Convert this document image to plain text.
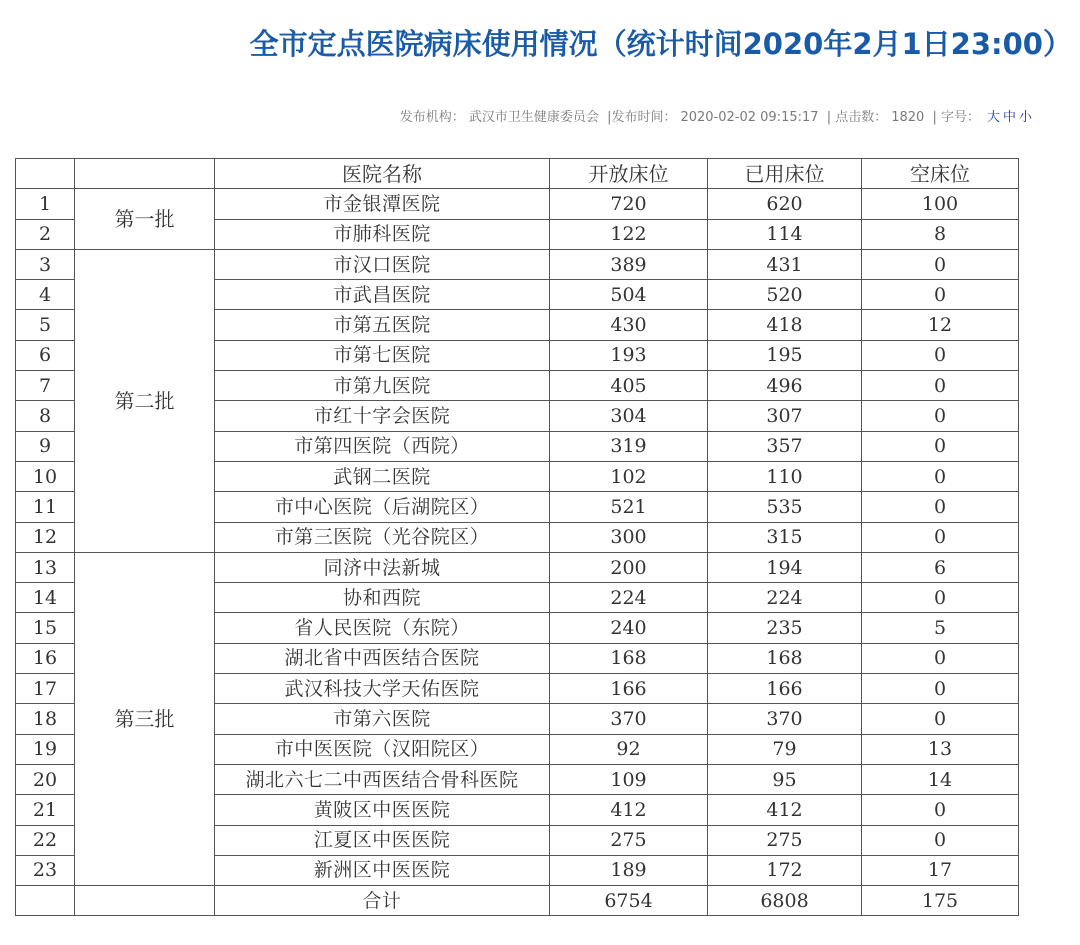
全市定点医院病床使用情况（统计时间2020年2月1日23:00）
发布机构： 武汉市卫生健康委员会 |发布时间： 2020-02-02 09:15:17 | 点击数： 1820 | 字号： 大 中 小
		医院名称	开放床位	已用床位	空床位
1	第一批	市金银潭医院	720	620	100
2		市肺科医院	122	114	8
3	第二批	市汉口医院	389	431	0
4		市武昌医院	504	520	0
5		市第五医院	430	418	12
6		市第七医院	193	195	0
7		市第九医院	405	496	0
8		市红十字会医院	304	307	0
9		市第四医院（西院）	319	357	0
10		武钢二医院	102	110	0
11		市中心医院（后湖院区）	521	535	0
12		市第三医院（光谷院区）	300	315	0
13	第三批	同济中法新城	200	194	6
14		协和西院	224	224	0
15		省人民医院（东院）	240	235	5
16		湖北省中西医结合医院	168	168	0
17		武汉科技大学天佑医院	166	166	0
18		市第六医院	370	370	0
19		市中医医院（汉阳院区）	92	79	13
20		湖北六七二中西医结合骨科医院	109	95	14
21		黄陂区中医医院	412	412	0
22		江夏区中医医院	275	275	0
23		新洲区中医医院	189	172	17
		合计	6754	6808	175
